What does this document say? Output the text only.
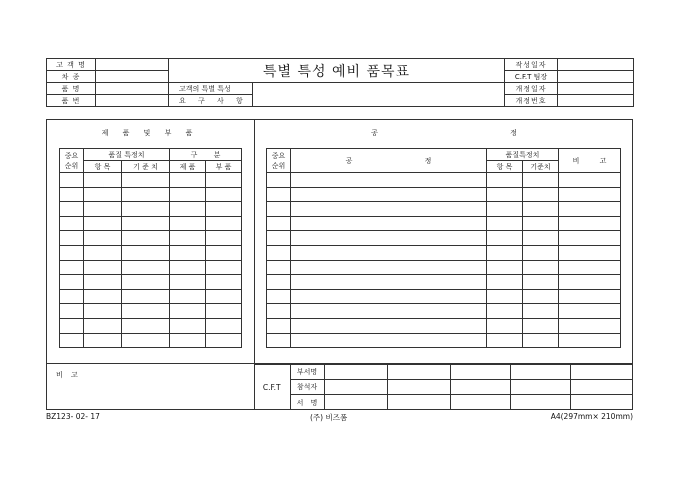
고 객 명		특별 특성 예비 품목표		작성일자	
차 종				C.F.T 팀장	
품 명		고객의 특별 특성		개정일자	
품 번		요 구 사 항		개정번호	
제 품 및 부 품	공 정
중요
순위	품질 특정치		구 분	
	항 목	기 준 치	제 품	부 품

중요
순위	공 정	품질특정치		비 고
		항 목	기준치	

비 고
C.F.T	부서명					
	참석자					
	서 명					
BZ123- 02- 17	(주) 비즈폼	A4(297mm× 210mm)
